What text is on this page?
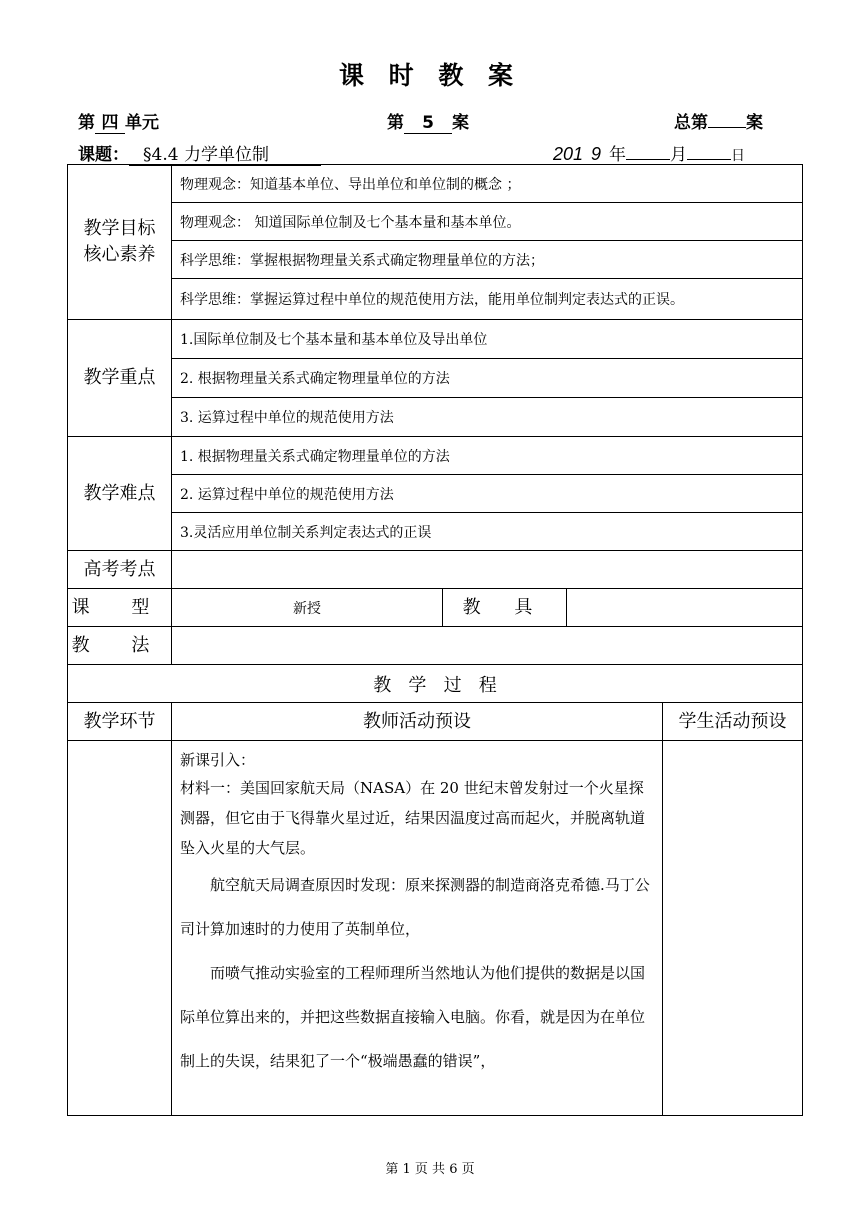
课 时 教 案
第 四 单元	第 5 案	总第 案
课题： §4.4 力学单位制	201 9 年	月	日
教学目标
核心素养	物理观念：知道基本单位、导出单位和单位制的概念 ；			
	物理观念： 知道国际单位制及七个基本量和基本单位。			
	科学思维：掌握根据物理量关系式确定物理量单位的方法；			
	科学思维：掌握运算过程中单位的规范使用方法，能用单位制判定表达式的正误。			
教学重点	1.国际单位制及七个基本量和基本单位及导出单位			
	2. 根据物理量关系式确定物理量单位的方法			
	3. 运算过程中单位的规范使用方法			
教学难点	1. 根据物理量关系式确定物理量单位的方法			
	2. 运算过程中单位的规范使用方法			
	3.灵活应用单位制关系判定表达式的正误			
高考考点				
课 型	新授	教 具		
教 法				
教   学   过   程				
教学环节	教师活动预设			学生活动预设

	新课引入：

材料一：美国回家航天局（NASA）在 20 世纪末曾发射过一个火星探测器，但它由于飞得靠火星过近，结果因温度过高而起火，并脱离轨道坠入火星的大气层。

航空航天局调查原因时发现：原来探测器的制造商洛克希德.马丁公司计算加速时的力使用了英制单位，

而喷气推动实验室的工程师理所当然地认为他们提供的数据是以国际单位算出来的，并把这些数据直接输入电脑。你看，就是因为在单位制上的失误，结果犯了一个“极端愚蠢的错误”，			

第 1 页 共 6 页
